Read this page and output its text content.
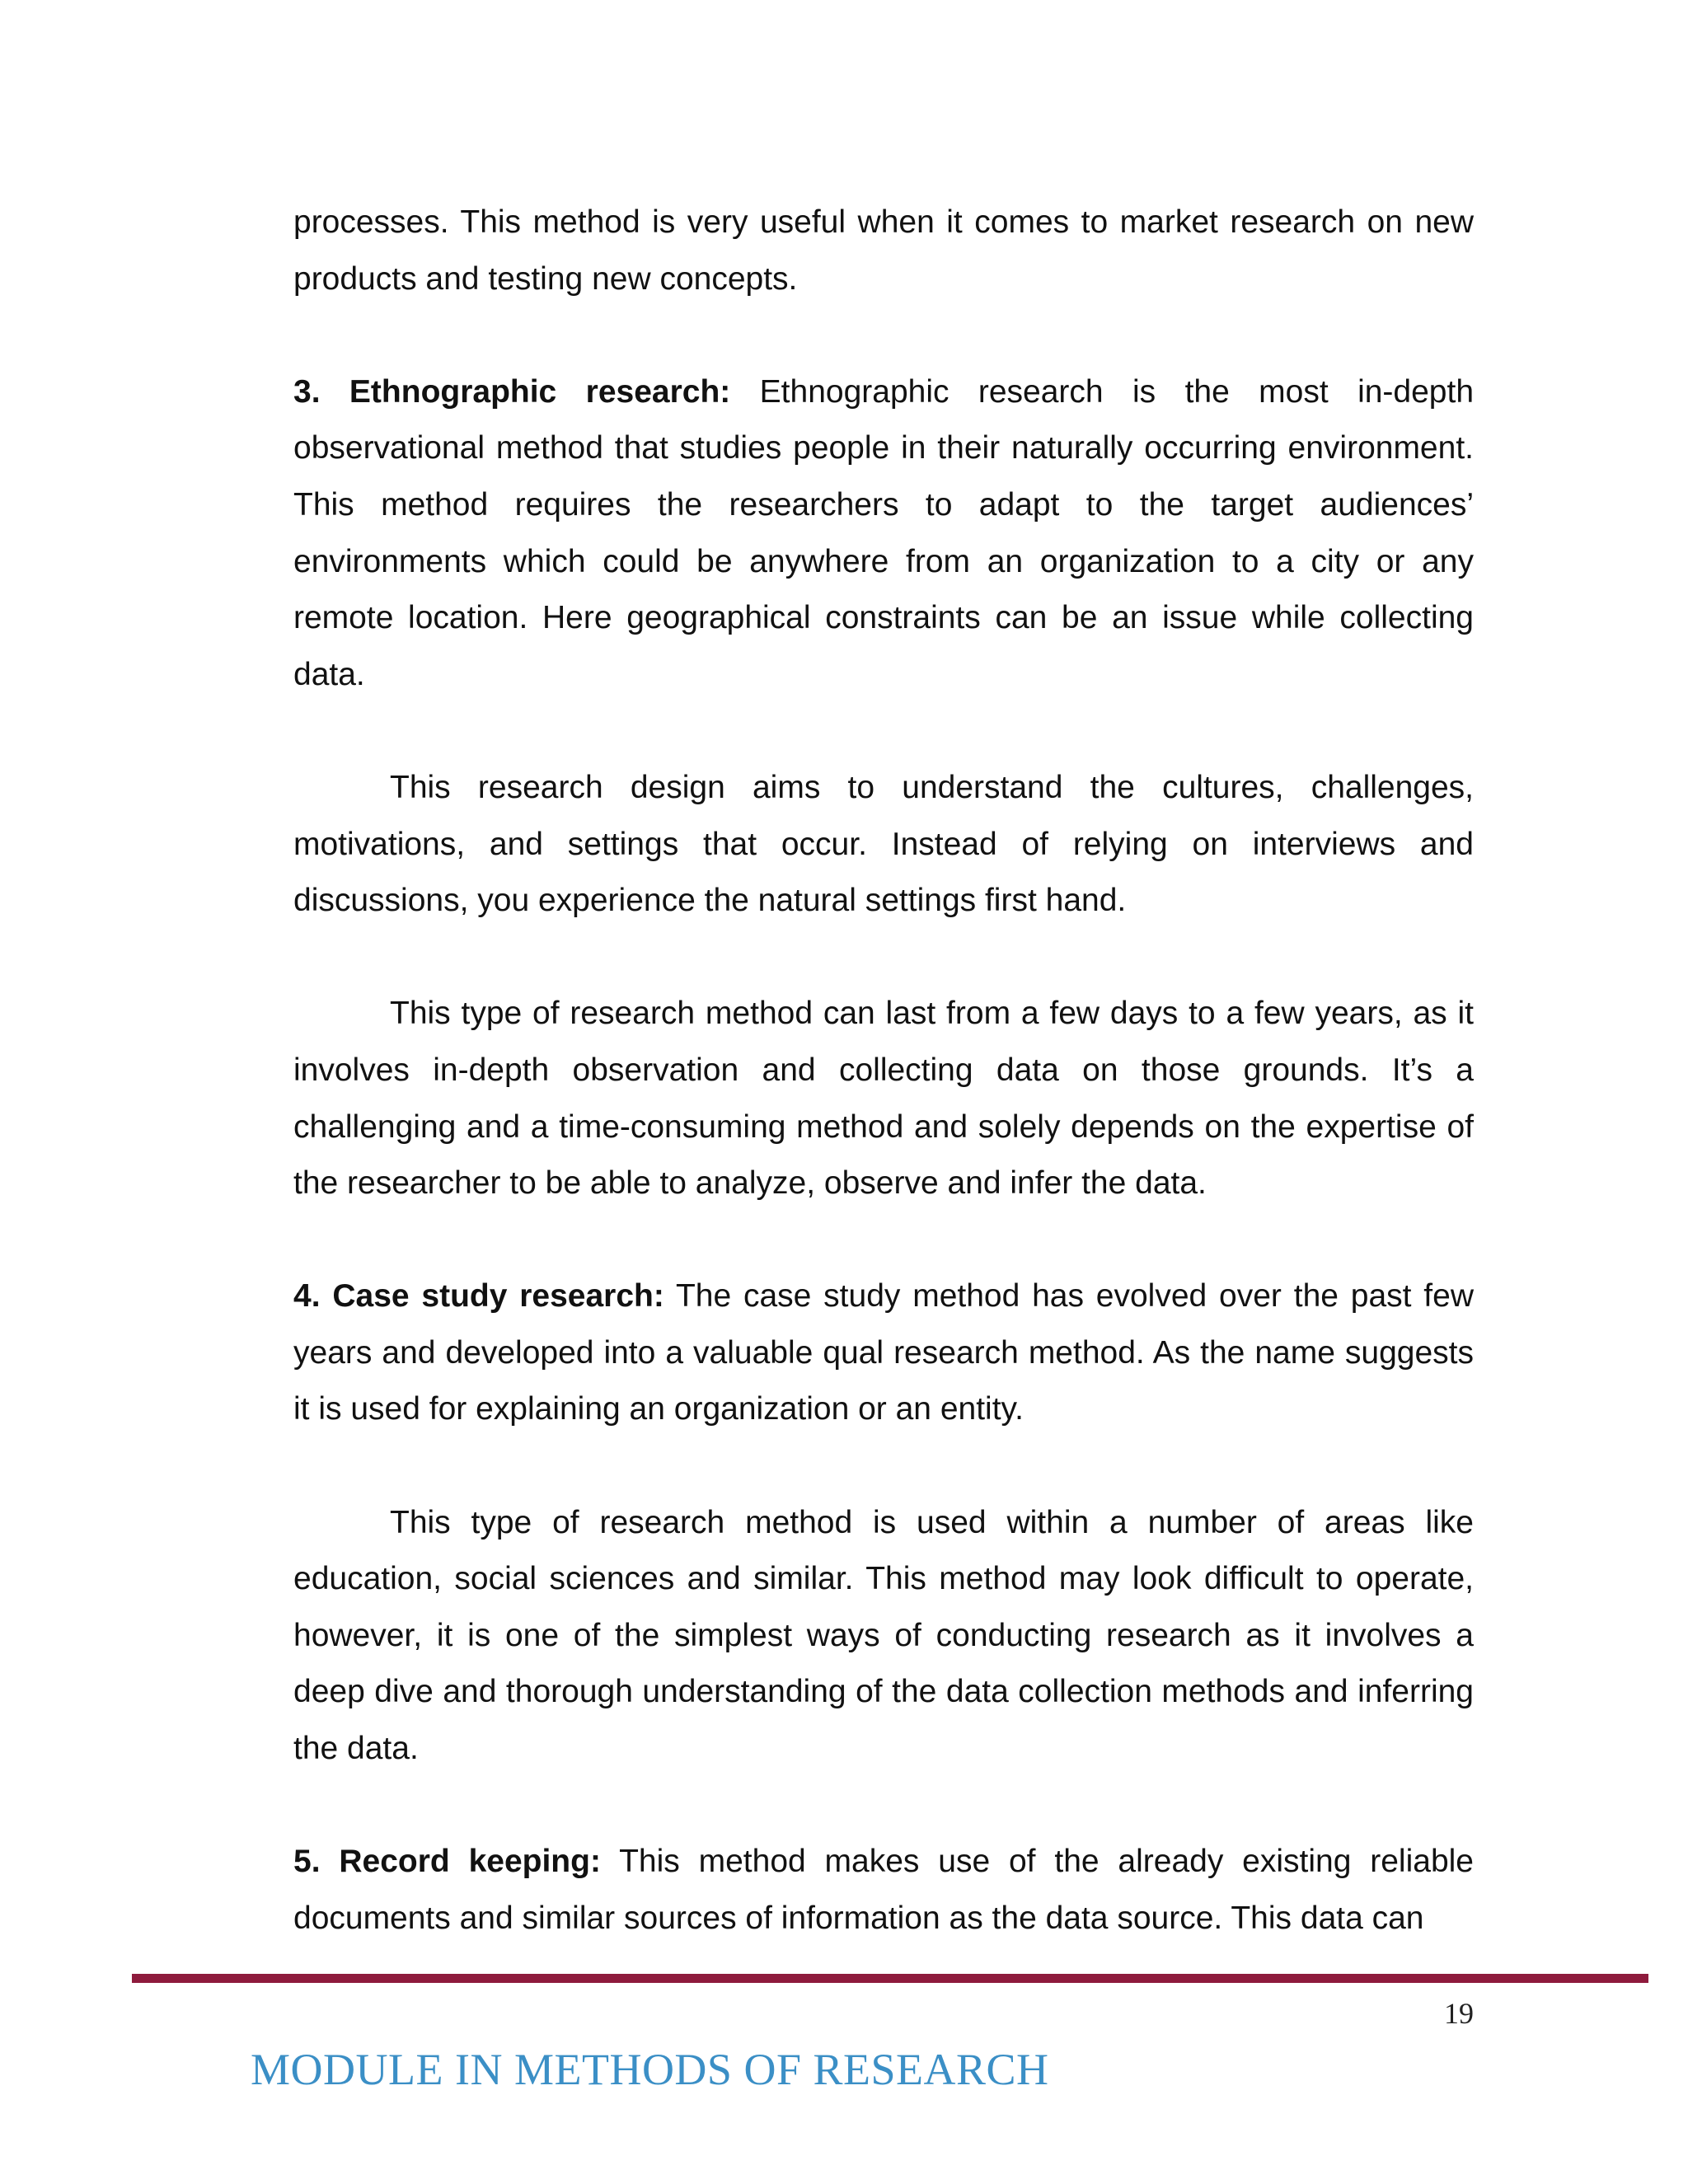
processes. This method is very useful when it comes to market research on new products and testing new concepts.

3. Ethnographic research: Ethnographic research is the most in-depth observational method that studies people in their naturally occurring environment. This method requires the researchers to adapt to the target audiences’ environments which could be anywhere from an organization to a city or any remote location. Here geographical constraints can be an issue while collecting data.

This research design aims to understand the cultures, challenges, motivations, and settings that occur. Instead of relying on interviews and discussions, you experience the natural settings first hand.

This type of research method can last from a few days to a few years, as it involves in-depth observation and collecting data on those grounds. It’s a challenging and a time-consuming method and solely depends on the expertise of the researcher to be able to analyze, observe and infer the data.

4. Case study research: The case study method has evolved over the past few years and developed into a valuable qual research method. As the name suggests it is used for explaining an organization or an entity.

This type of research method is used within a number of areas like education, social sciences and similar. This method may look difficult to operate, however, it is one of the simplest ways of conducting research as it involves a deep dive and thorough understanding of the data collection methods and inferring the data.

5. Record keeping: This method makes use of the already existing reliable documents and similar sources of information as the data source. This data can

19
MODULE IN METHODS OF RESEARCH
